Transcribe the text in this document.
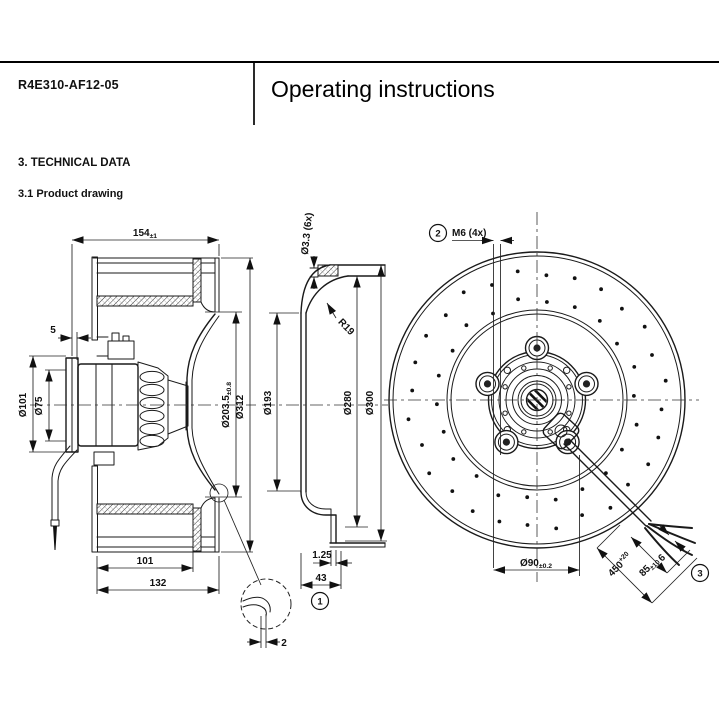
R4E310-AF12-05	Operating instructions
3. TECHNICAL DATA
3.1 Product drawing
$154_{\pm 1}$
5
Ø101 Ø75	$Ø203.5_{\pm 0.8}$
Ø312
101
132
2
Ø3.3 (6x)
R19
Ø193	Ø280 Ø300
1.25
43
1
2 M6 (4x)
$Ø90_{\pm 0.2}$	$450^{+20}$
$85_{\pm 10}$
6
3
